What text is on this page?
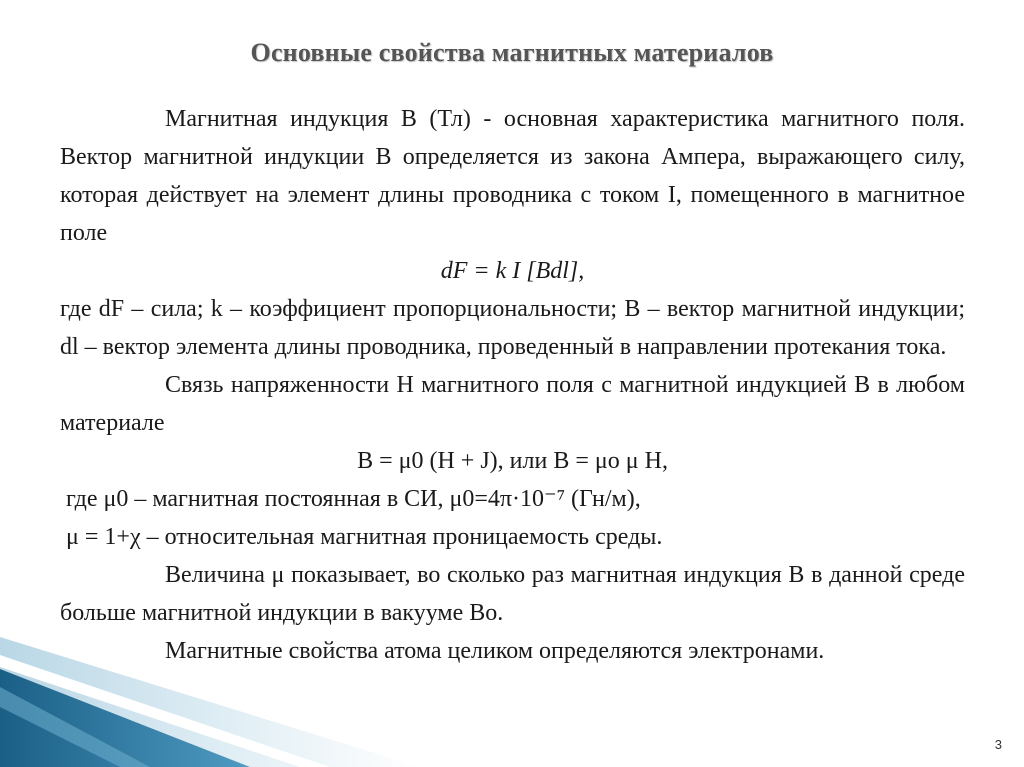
Основные свойства магнитных материалов

Магнитная индукция B (Тл) - основная характеристика магнитного поля. Вектор магнитной индукции B определяется из закона Ампера, выражающего силу, которая действует на элемент длины проводника с током I, помещенного в магнитное поле

dF = k I [Bdl],

где dF – сила; k – коэффициент пропорциональности; B – вектор магнитной индукции; dl – вектор элемента длины проводника, проведенный в направлении протекания тока.

Связь напряженности H магнитного поля с магнитной индукцией B в любом материале

B = μ0 (H + J), или B = μo μ H,

где μ0 – магнитная постоянная в СИ, μ0=4π·10⁻⁷ (Гн/м),

μ = 1+χ – относительная магнитная проницаемость среды.

Величина μ показывает, во сколько раз магнитная индукция B в данной среде больше магнитной индукции в вакууме Bo.

Магнитные свойства атома целиком определяются электронами.

3
